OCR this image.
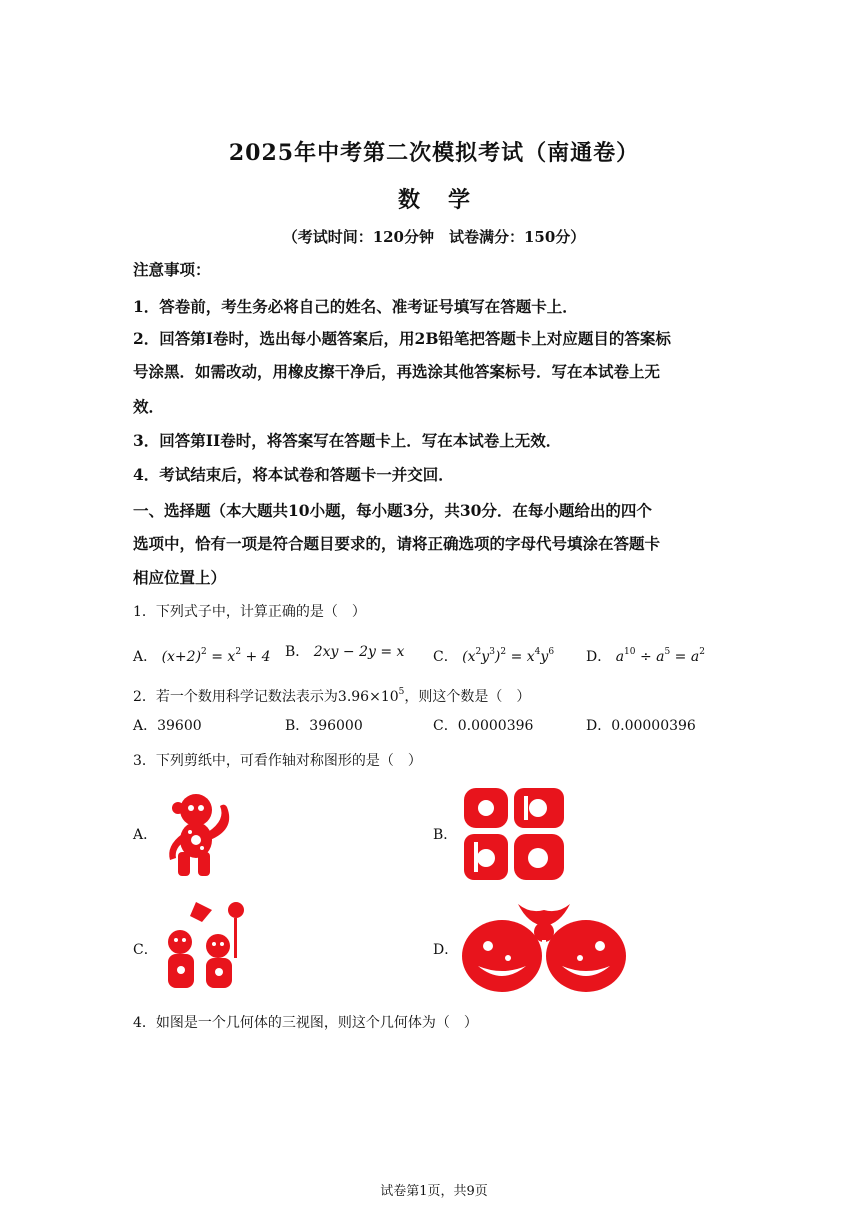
2025年中考第二次模拟考试（南通卷）
数 学
（考试时间：120分钟　试卷满分：150分）
注意事项：
1．答卷前，考生务必将自己的姓名、准考证号填写在答题卡上．
2．回答第I卷时，选出每小题答案后，用2B铅笔把答题卡上对应题目的答案标
号涂黑．如需改动，用橡皮擦干净后，再选涂其他答案标号．写在本试卷上无
效．
3．回答第II卷时，将答案写在答题卡上．写在本试卷上无效．
4．考试结束后，将本试卷和答题卡一并交回．
一、选择题（本大题共10小题，每小题3分，共30分．在每小题给出的四个
选项中，恰有一项是符合题目要求的，请将正确选项的字母代号填涂在答题卡
相应位置上）
1．下列式子中，计算正确的是（　）
A． $(x+2)^2 = x^2 + 4$ B． 2xy − 2y = x C． $(x^2y^3)^2 = x^4y^6$ D． $a^{10} \div a^5 = a^2$
2．若一个数用科学记数法表示为$3.96\times 10^5$，则这个数是（　）
A．39600	B．396000	C．0.0000396	D．0.00000396
3．下列剪纸中，可看作轴对称图形的是（　）
A．	B．
C．	D．
4．如图是一个几何体的三视图，则这个几何体为（　）
试卷第1页，共9页
